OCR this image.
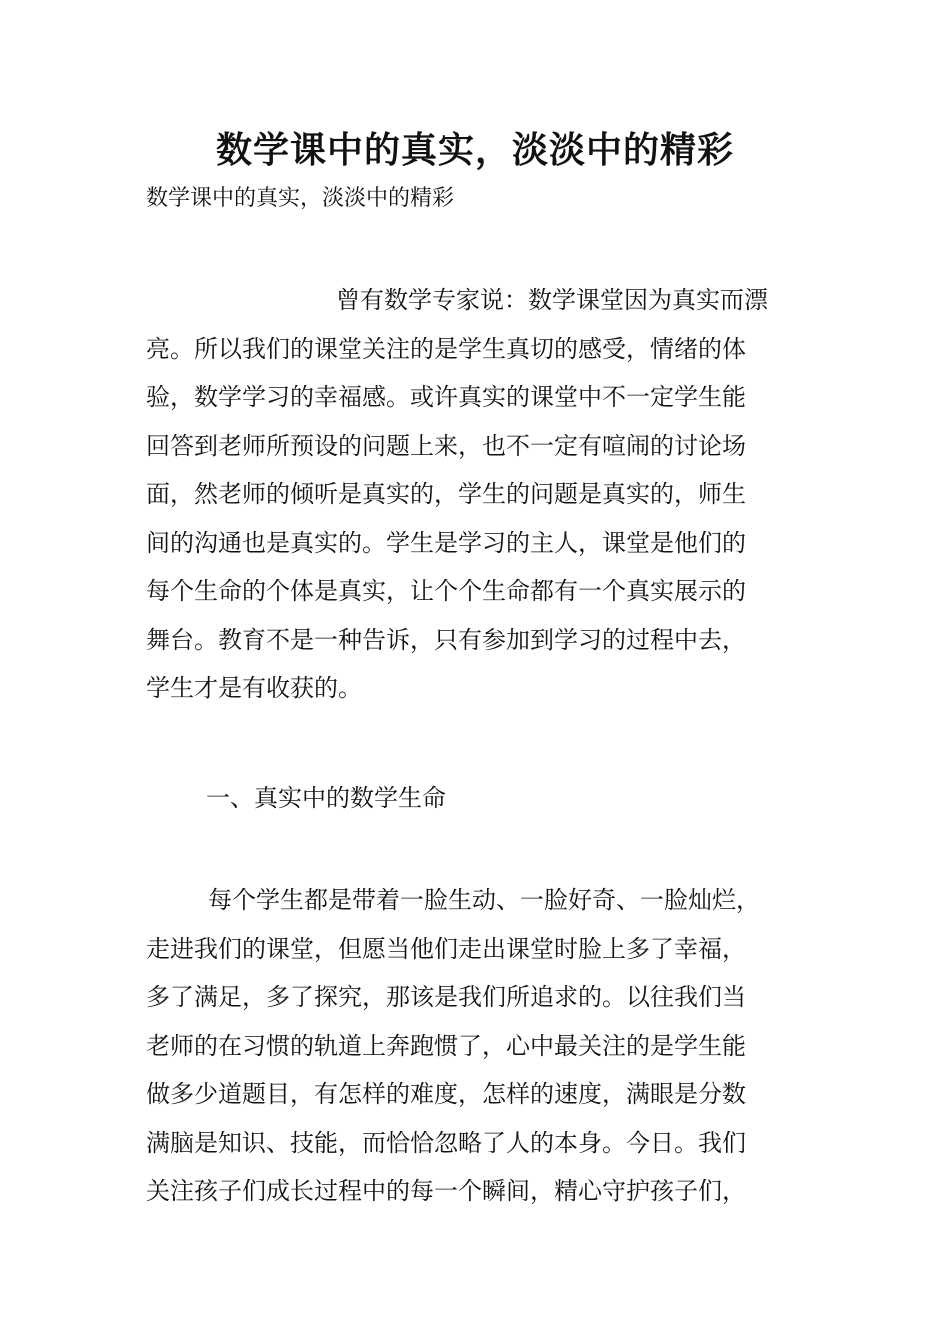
数学课中的真实，淡淡中的精彩

数学课中的真实，淡淡中的精彩

曾有数学专家说：数学课堂因为真实而漂
亮。所以我们的课堂关注的是学生真切的感受，情绪的体
验，数学学习的幸福感。或许真实的课堂中不一定学生能
回答到老师所预设的问题上来，也不一定有喧闹的讨论场
面，然老师的倾听是真实的，学生的问题是真实的，师生
间的沟通也是真实的。学生是学习的主人，课堂是他们的
每个生命的个体是真实，让个个生命都有一个真实展示的
舞台。教育不是一种告诉，只有参加到学习的过程中去，
学生才是有收获的。

一、真实中的数学生命

每个学生都是带着一脸生动、一脸好奇、一脸灿烂，
走进我们的课堂，但愿当他们走出课堂时脸上多了幸福，
多了满足，多了探究，那该是我们所追求的。以往我们当
老师的在习惯的轨道上奔跑惯了，心中最关注的是学生能
做多少道题目，有怎样的难度，怎样的速度，满眼是分数
满脑是知识、技能，而恰恰忽略了人的本身。今日。我们
关注孩子们成长过程中的每一个瞬间，精心守护孩子们，
